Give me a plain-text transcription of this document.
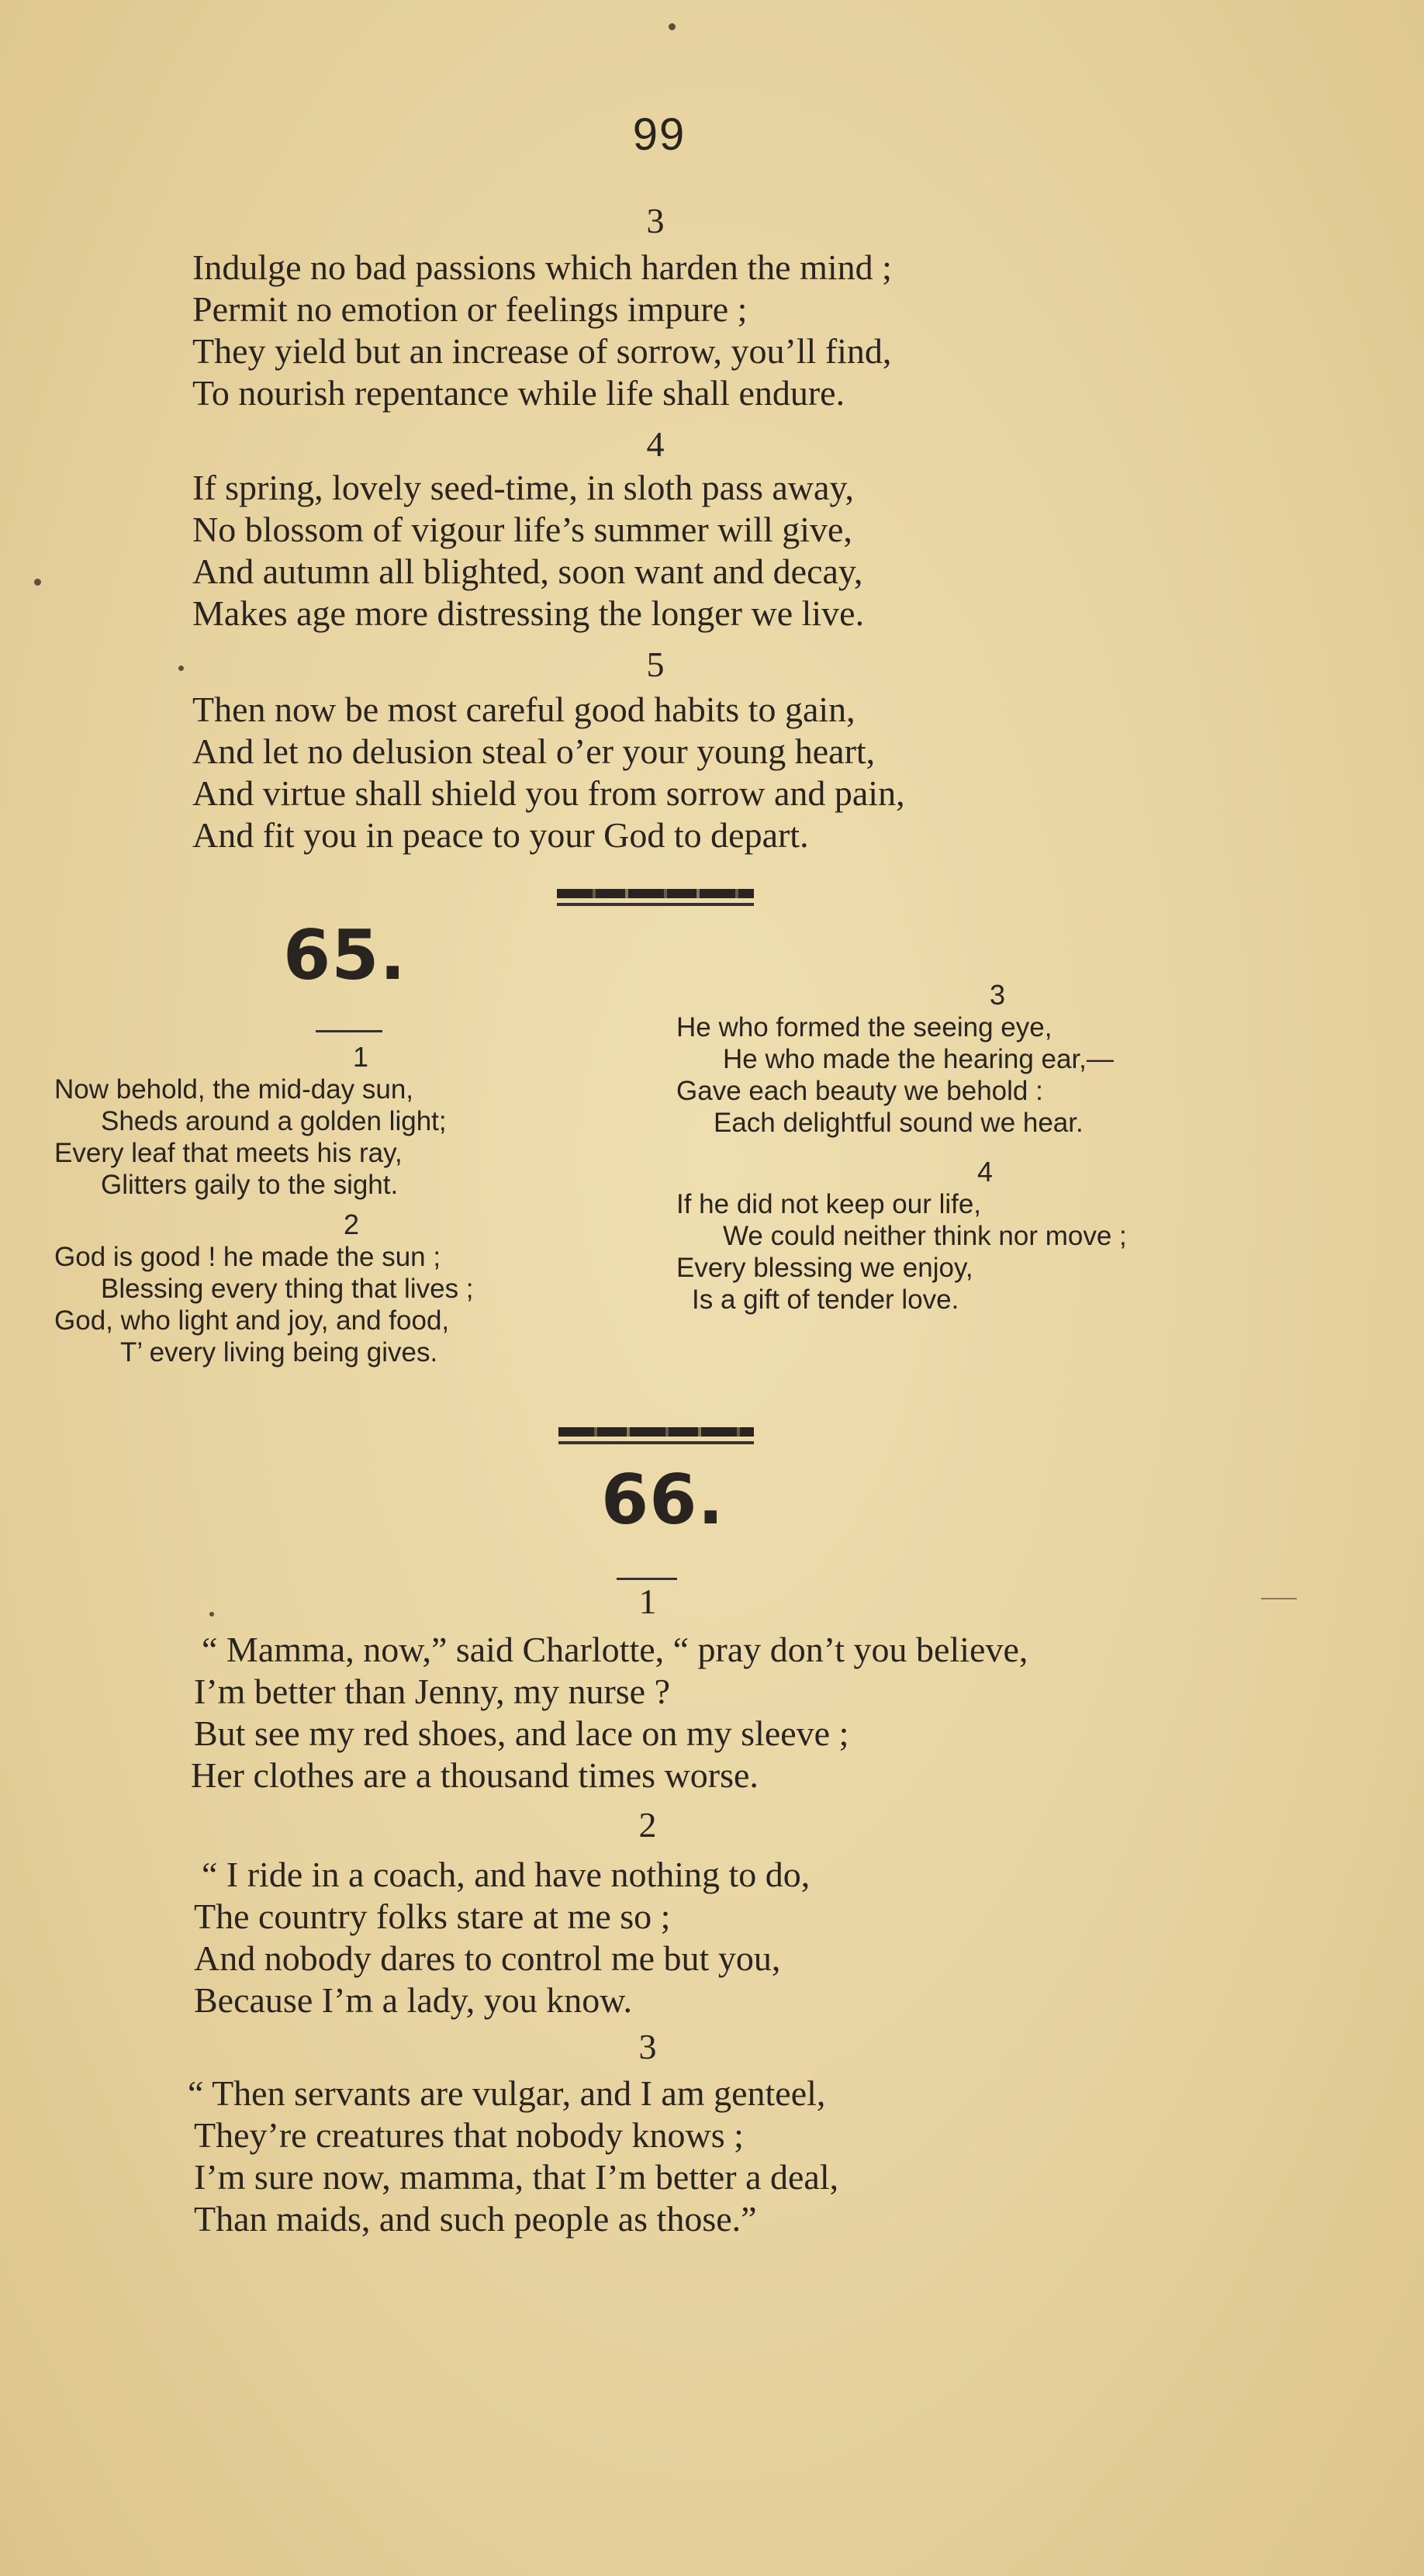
99
3
Indulge no bad passions which harden the mind ;
Permit no emotion or feelings impure ;
They yield but an increase of sorrow, you’ll find,
To nourish repentance while life shall endure.
4
If spring, lovely seed-time, in sloth pass away,
No blossom of vigour life’s summer will give,
And autumn all blighted, soon want and decay,
Makes age more distressing the longer we live.
5
Then now be most careful good habits to gain,
And let no delusion steal o’er your young heart,
And virtue shall shield you from sorrow and pain,
And fit you in peace to your God to depart.
65.
1
Now behold, the mid-day sun,
Sheds around a golden light;
Every leaf that meets his ray,
Glitters gaily to the sight.
2
God is good ! he made the sun ;
Blessing every thing that lives ;
God, who light and joy, and food,
T’ every living being gives.
3
He who formed the seeing eye,
He who made the hearing ear,—
Gave each beauty we behold :
Each delightful sound we hear.
4
If he did not keep our life,
We could neither think nor move ;
Every blessing we enjoy,
Is a gift of tender love.
66.
1
“ Mamma, now,” said Charlotte, “ pray don’t you believe,
I’m better than Jenny, my nurse ?
But see my red shoes, and lace on my sleeve ;
Her clothes are a thousand times worse.
2
“ I ride in a coach, and have nothing to do,
The country folks stare at me so ;
And nobody dares to control me but you,
Because I’m a lady, you know.
3
“ Then servants are vulgar, and I am genteel,
They’re creatures that nobody knows ;
I’m sure now, mamma, that I’m better a deal,
Than maids, and such people as those.”
